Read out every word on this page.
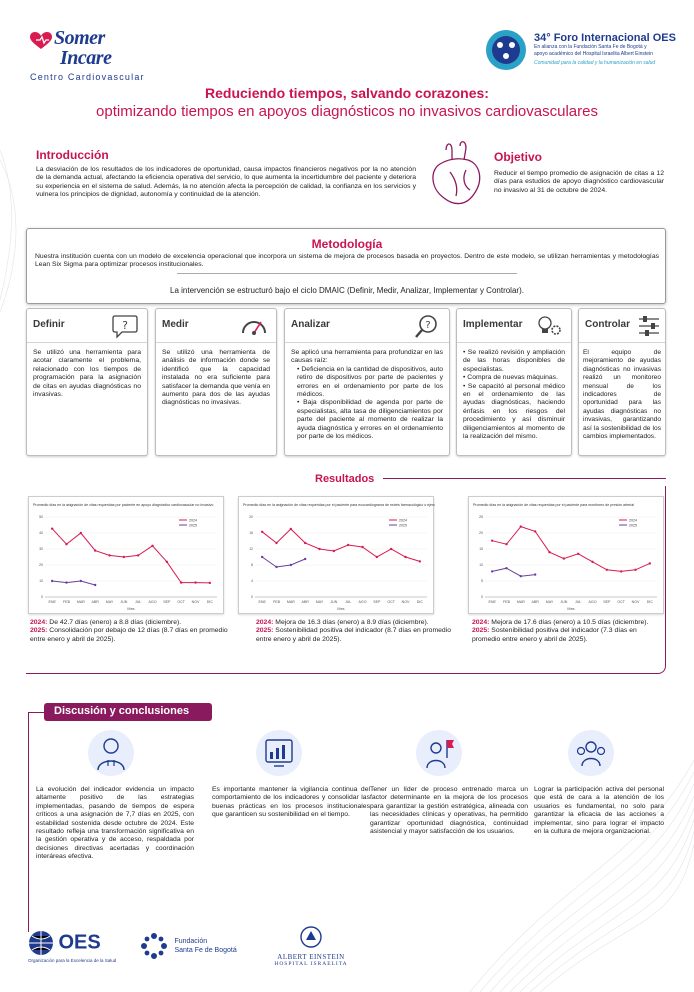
Somer
Incare
Centro Cardiovascular
34° Foro Internacional OES
En alianza con la Fundación Santa Fe de Bogotá y
apoyo académico del Hospital Israelita Albert Einstein
Comunidad para la calidad y la humanización en salud
Reduciendo tiempos, salvando corazones:
optimizando tiempos en apoyos diagnósticos no invasivos cardiovasculares
Introducción

La desviación de los resultados de los indicadores de oportunidad, causa impactos financieros negativos por la no atención de la demanda actual, afectando la eficiencia operativa del servicio, lo que aumenta la incertidumbre del paciente y deteriora su experiencia en el sistema de salud. Además, la no atención afecta la percepción de calidad, la confianza en los servicios y vulnera los principios de dignidad, autonomía y continuidad de la atención.

Objetivo

Reducir el tiempo promedio de asignación de citas a 12 días para estudios de apoyo diagnóstico cardiovascular no invasivo al 31 de octubre de 2024.

Metodología

Nuestra institución cuenta con un modelo de excelencia operacional que incorpora un sistema de mejora de procesos basada en proyectos. Dentro de este modelo, se utilizan herramientas y metodologías Lean Six Sigma para optimizar procesos institucionales.

La intervención se estructuró bajo el ciclo DMAIC (Definir, Medir, Analizar, Implementar y Controlar).

Definir	?

Se utilizó una herramienta para acotar claramente el problema, relacionado con los tiempos de programación para la asignación de citas en ayudas diagnósticas no invasivas.

Medir

Se utilizó una herramienta de análisis de información donde se identificó que la capacidad instalada no era suficiente para satisfacer la demanda que venía en aumento para dos de las ayudas diagnósticas no invasivas.

Analizar	?

Se aplicó una herramienta para profundizar en las causas raíz:

• Deficiencia en la cantidad de dispositivos, auto retiro de dispositivos por parte de pacientes y errores en el ordenamiento por parte de los médicos.

• Baja disponibilidad de agenda por parte de especialistas, alta tasa de diligenciamientos por parte del paciente al momento de realizar la ayuda diagnóstica y errores en el ordenamiento por parte de los médicos.

Implementar

• Se realizó revisión y ampliación de las horas disponibles de especialistas.

• Compra de nuevas máquinas.

• Se capacitó al personal médico en el ordenamiento de las ayudas diagnósticas, haciendo énfasis en los riesgos del procedimiento y así disminuir diligenciamientos al momento de la realización del mismo.

Controlar

El equipo de mejoramiento de ayudas diagnósticas no invasivas realizó un monitoreo mensual de los indicadores de oportunidad para las ayudas diagnósticas no invasivas, garantizando así la sostenibilidad de los cambios implementados.

Resultados
Promedio días en la asignación de citas requeridas por paciente en apoyo diagnóstico cardiovascular no invasivo
0
10
20
30
40
50
ENE FEB MAR ABR MAY JUN JUL AGO SEP OCT NOV DIC
Mes
2024
2025
Promedio días en la asignación de citas requeridas por el paciente para ecocardiograma de estrés farmacológico o ejercicio
0
4
8
12
16
20
ENE FEB MAR ABR MAY JUN JUL AGO SEP OCT NOV DIC
Mes
2024
2025
Promedio días en la asignación de citas requeridas por el paciente para monitoreo de presión arterial
0
5
10
15
20
25
ENE FEB MAR ABR MAY JUN JUL AGO SEP OCT NOV DIC
Mes
2024
2025
2024: De 42.7 días (enero) a 8.8 días (diciembre).
2025: Consolidación por debajo de 12 días (8.7 días en promedio entre enero y abril de 2025).
2024: Mejora de 16.3 días (enero) a 8.9 días (diciembre).
2025: Sostenibilidad positiva del indicador (8.7 días en promedio entre enero y abril de 2025).
2024: Mejora de 17.6 días (enero) a 10.5 días (diciembre).
2025: Sostenibilidad positiva del indicador (7.3 días en promedio entre enero y abril de 2025).
Discusión y conclusiones

La evolución del indicador evidencia un impacto altamente positivo de las estrategias implementadas, pasando de tiempos de espera críticos a una asignación de 7,7 días en 2025, con estabilidad sostenida desde octubre de 2024. Este resultado refleja una transformación significativa en la gestión operativa y de acceso, respaldada por decisiones directivas acertadas y coordinación interáreas efectiva.

Es importante mantener la vigilancia continua del comportamiento de los indicadores y consolidar las buenas prácticas en los procesos institucionales que garanticen su sostenibilidad en el tiempo.

Tener un líder de proceso entrenado marca un factor determinante en la mejora de los procesos para garantizar la gestión estratégica, alineada con las necesidades clínicas y operativas, ha permitido garantizar oportunidad diagnóstica, continuidad asistencial y mayor satisfacción de los usuarios.

Lograr la participación activa del personal que está de cara a la atención de los usuarios es fundamental, no solo para garantizar la eficacia de las acciones a implementar, sino para lograr el impacto en la cultura de mejora organizacional.

OES
Organización para la Excelencia de la Salud
Fundación
Santa Fe de Bogotá
ALBERT EINSTEIN
HOSPITAL ISRAELITA
